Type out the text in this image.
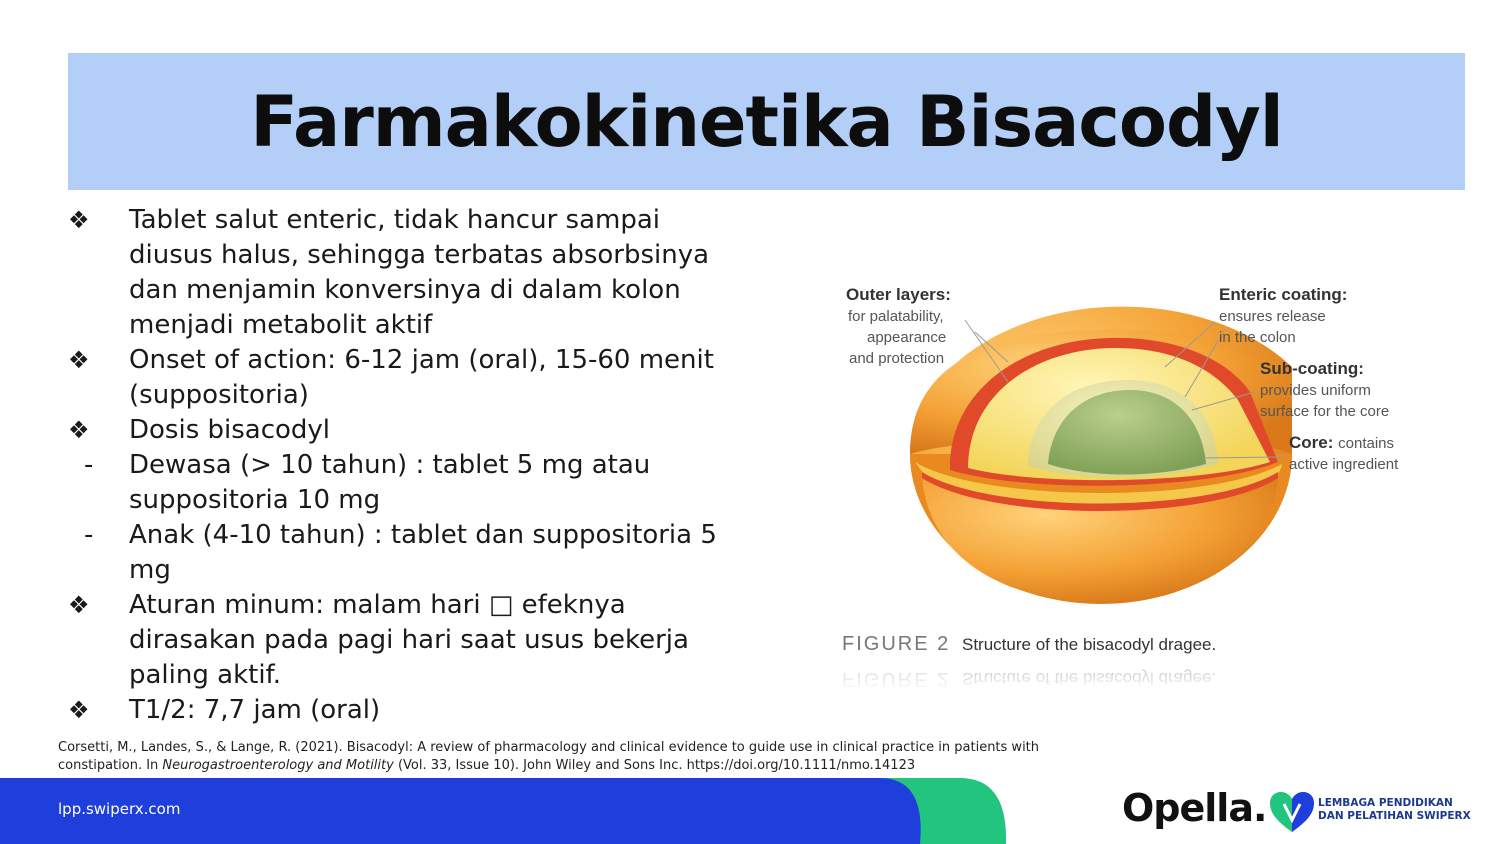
Farmakokinetika Bisacodyl
❖	Tablet salut enteric, tidak hancur sampai diusus halus, sehingga terbatas absorbsinya dan menjamin konversinya di dalam kolon menjadi metabolit aktif
❖	Onset of action: 6-12 jam (oral), 15-60 menit (suppositoria)
❖	Dosis bisacodyl
-	Dewasa (> 10 tahun) : tablet 5 mg atau suppositoria 10 mg
-	Anak (4-10 tahun) : tablet dan suppositoria 5 mg
❖	Aturan minum: malam hari □ efeknya dirasakan pada pagi hari saat usus bekerja paling aktif.
❖	T1/2: 7,7 jam (oral)
Outer layers:
for palatability,
appearance
and protection
Enteric coating:
ensures release
in the colon
Sub-coating:
provides uniform
surface for the core
Core: contains
active ingredient
FIGURE 2 Structure of the bisacodyl dragee.
Corsetti, M., Landes, S., & Lange, R. (2021). Bisacodyl: A review of pharmacology and clinical evidence to guide use in clinical practice in patients with constipation. In Neurogastroenterology and Motility (Vol. 33, Issue 10). John Wiley and Sons Inc. https://doi.org/10.1111/nmo.14123
lpp.swiperx.com	Opella.	LEMBAGA PENDIDIKAN
DAN PELATIHAN SWIPERX
